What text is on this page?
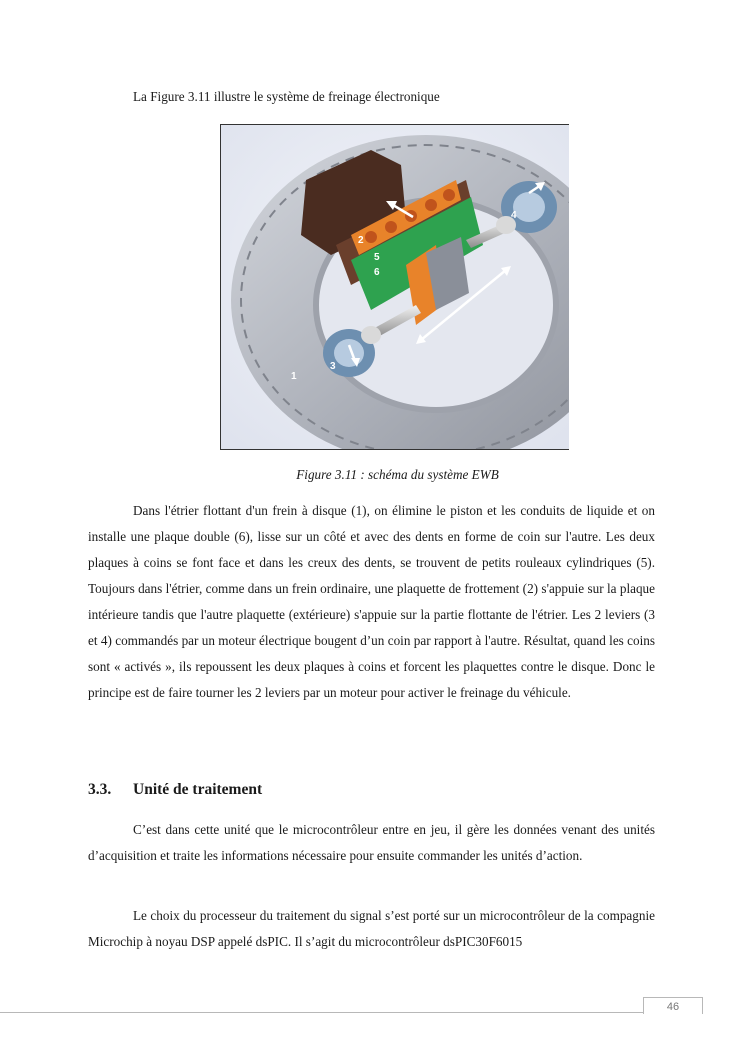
La Figure 3.11 illustre le système de freinage électronique
1
2
3
4
5
6
Figure 3.11 : schéma du système EWB

Dans l'étrier flottant d'un frein à disque (1), on élimine le piston et les conduits de liquide et on installe une plaque double (6), lisse sur un côté et avec des dents en forme de coin sur l'autre. Les deux plaques à coins se font face et dans les creux des dents, se trouvent de petits rouleaux cylindriques (5). Toujours dans l'étrier, comme dans un frein ordinaire, une plaquette de frottement (2) s'appuie sur la plaque intérieure tandis que l'autre plaquette (extérieure) s'appuie sur la partie flottante de l'étrier. Les 2 leviers (3 et 4) commandés par un moteur électrique bougent d’un coin par rapport à l'autre. Résultat, quand les coins sont « activés », ils repoussent les deux plaques à coins et forcent les plaquettes contre le disque. Donc le principe est de faire tourner les 2 leviers par un moteur pour activer le freinage du véhicule.

3.3. Unité de traitement

C’est dans cette unité que le microcontrôleur entre en jeu, il gère les données venant des unités d’acquisition et traite les informations nécessaire pour ensuite commander les unités d’action.

Le choix du processeur du traitement du signal s’est porté sur un microcontrôleur de la compagnie Microchip à noyau DSP appelé dsPIC. Il s’agit du microcontrôleur dsPIC30F6015

46
